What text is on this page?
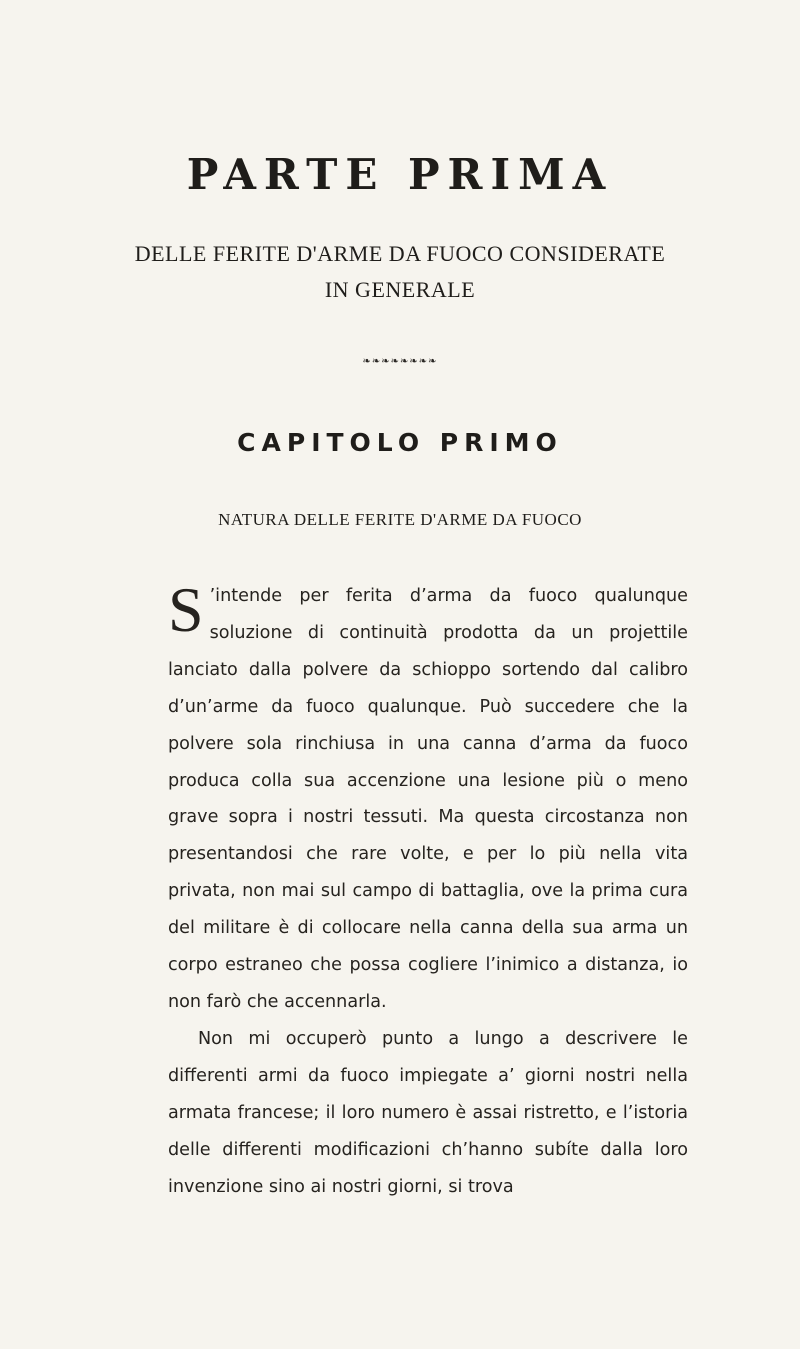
PARTE PRIMA
DELLE FERITE D'ARME DA FUOCO CONSIDERATE
IN GENERALE
❧❧❧❧❧❧❧❧
CAPITOLO PRIMO
NATURA DELLE FERITE D'ARME DA FUOCO

S ’intende per ferita d’arma da fuoco qualunque soluzione di continuità prodotta da un projettile lanciato dalla polvere da schioppo sortendo dal calibro d’un’arme da fuoco qualunque. Può succedere che la polvere sola rinchiusa in una canna d’arma da fuoco produca colla sua accenzione una lesione più o meno grave sopra i nostri tessuti. Ma questa circostanza non presentandosi che rare volte, e per lo più nella vita privata, non mai sul campo di battaglia, ove la prima cura del militare è di collocare nella canna della sua arma un corpo estraneo che possa cogliere l’inimico a distanza, io non farò che accennarla.

Non mi occuperò punto a lungo a descrivere le differenti armi da fuoco impiegate a’ giorni nostri nella armata francese; il loro numero è assai ristretto, e l’istoria delle differenti modificazioni ch’hanno subíte dalla loro invenzione sino ai nostri giorni, si trova
